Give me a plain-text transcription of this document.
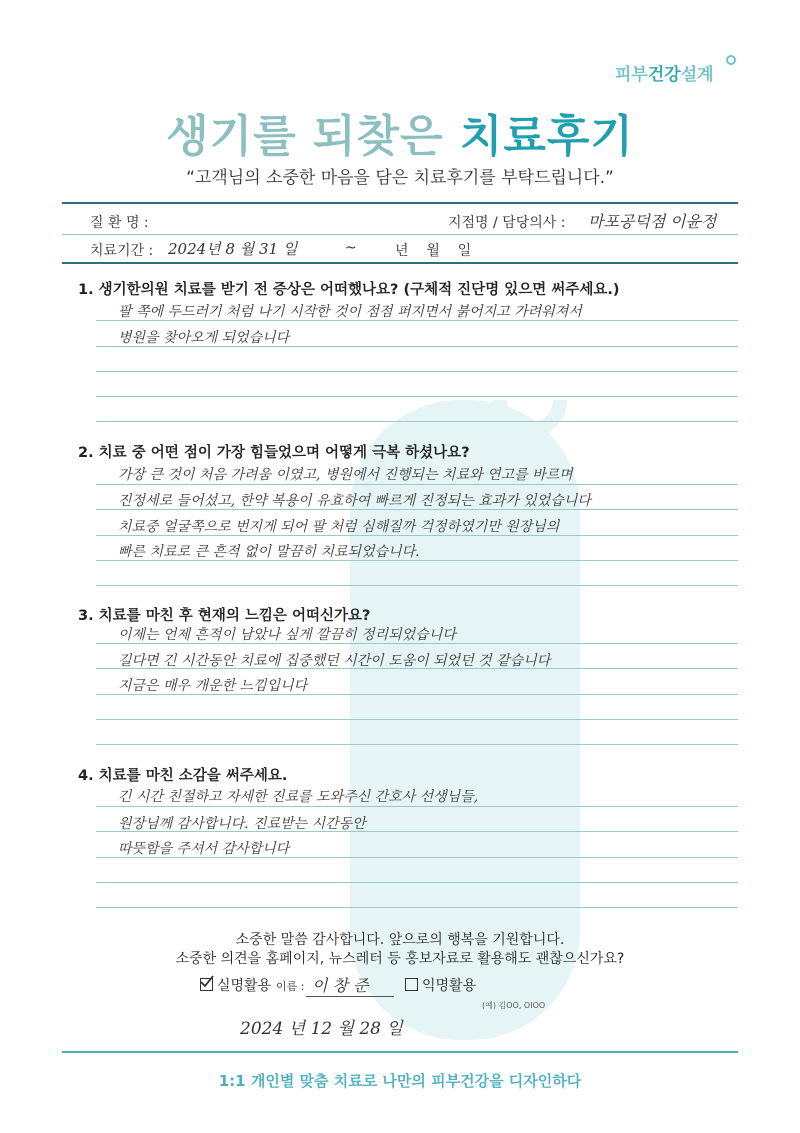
피부건강설계
생기를 되찾은 치료후기
“고객님의 소중한 마음을 담은 치료후기를 부탁드립니다.”
질 환 명 :	지점명 / 담당의사 : 마포공덕점 이윤정
치료기간 : 2024년 8 월 31 일	~	년    월    일
1. 생기한의원 치료를 받기 전 증상은 어떠했나요? (구체적 진단명 있으면 써주세요.)
팔 쪽에 두드러기 처럼 나기 시작한 것이 점점 퍼지면서 붉어지고 가려워져서
병원을 찾아오게 되었습니다
2. 치료 중 어떤 점이 가장 힘들었으며 어떻게 극복 하셨나요?
가장 큰 것이 처음 가려움 이였고, 병원에서 진행되는 치료와 연고를 바르며
진정세로 들어섰고, 한약 복용이 유효하여 빠르게 진정되는 효과가 있었습니다
치료중 얼굴쪽으로 번지게 되어 팔 처럼 심해질까 걱정하였기만 원장님의
빠른 치료로 큰 흔적 없이 말끔히 치료되었습니다.
3. 치료를 마친 후 현재의 느낌은 어떠신가요?
이제는 언제 흔적이 남았나 싶게 깔끔히 정리되었습니다
길다면 긴 시간동안 치료에 집중했던 시간이 도움이 되었던 것 같습니다
지금은 매우 개운한 느낌입니다
4. 치료를 마친 소감을 써주세요.
긴 시간 친절하고 자세한 진료를 도와주신 간호사 선생님들,
원장님께 감사합니다. 진료받는 시간동안
따뜻함을 주셔서 감사합니다
소중한 말씀 감사합니다. 앞으로의 행복을 기원합니다.
소중한 의견을 홈페이지, 뉴스레터 등 홍보자료로 활용해도 괜찮으신가요?
실명활용 이름 : 이 창 준	익명활용
(예) 김OO, OIOO
2024 년 12 월 28 일
1:1 개인별 맞춤 치료로 나만의 피부건강을 디자인하다
